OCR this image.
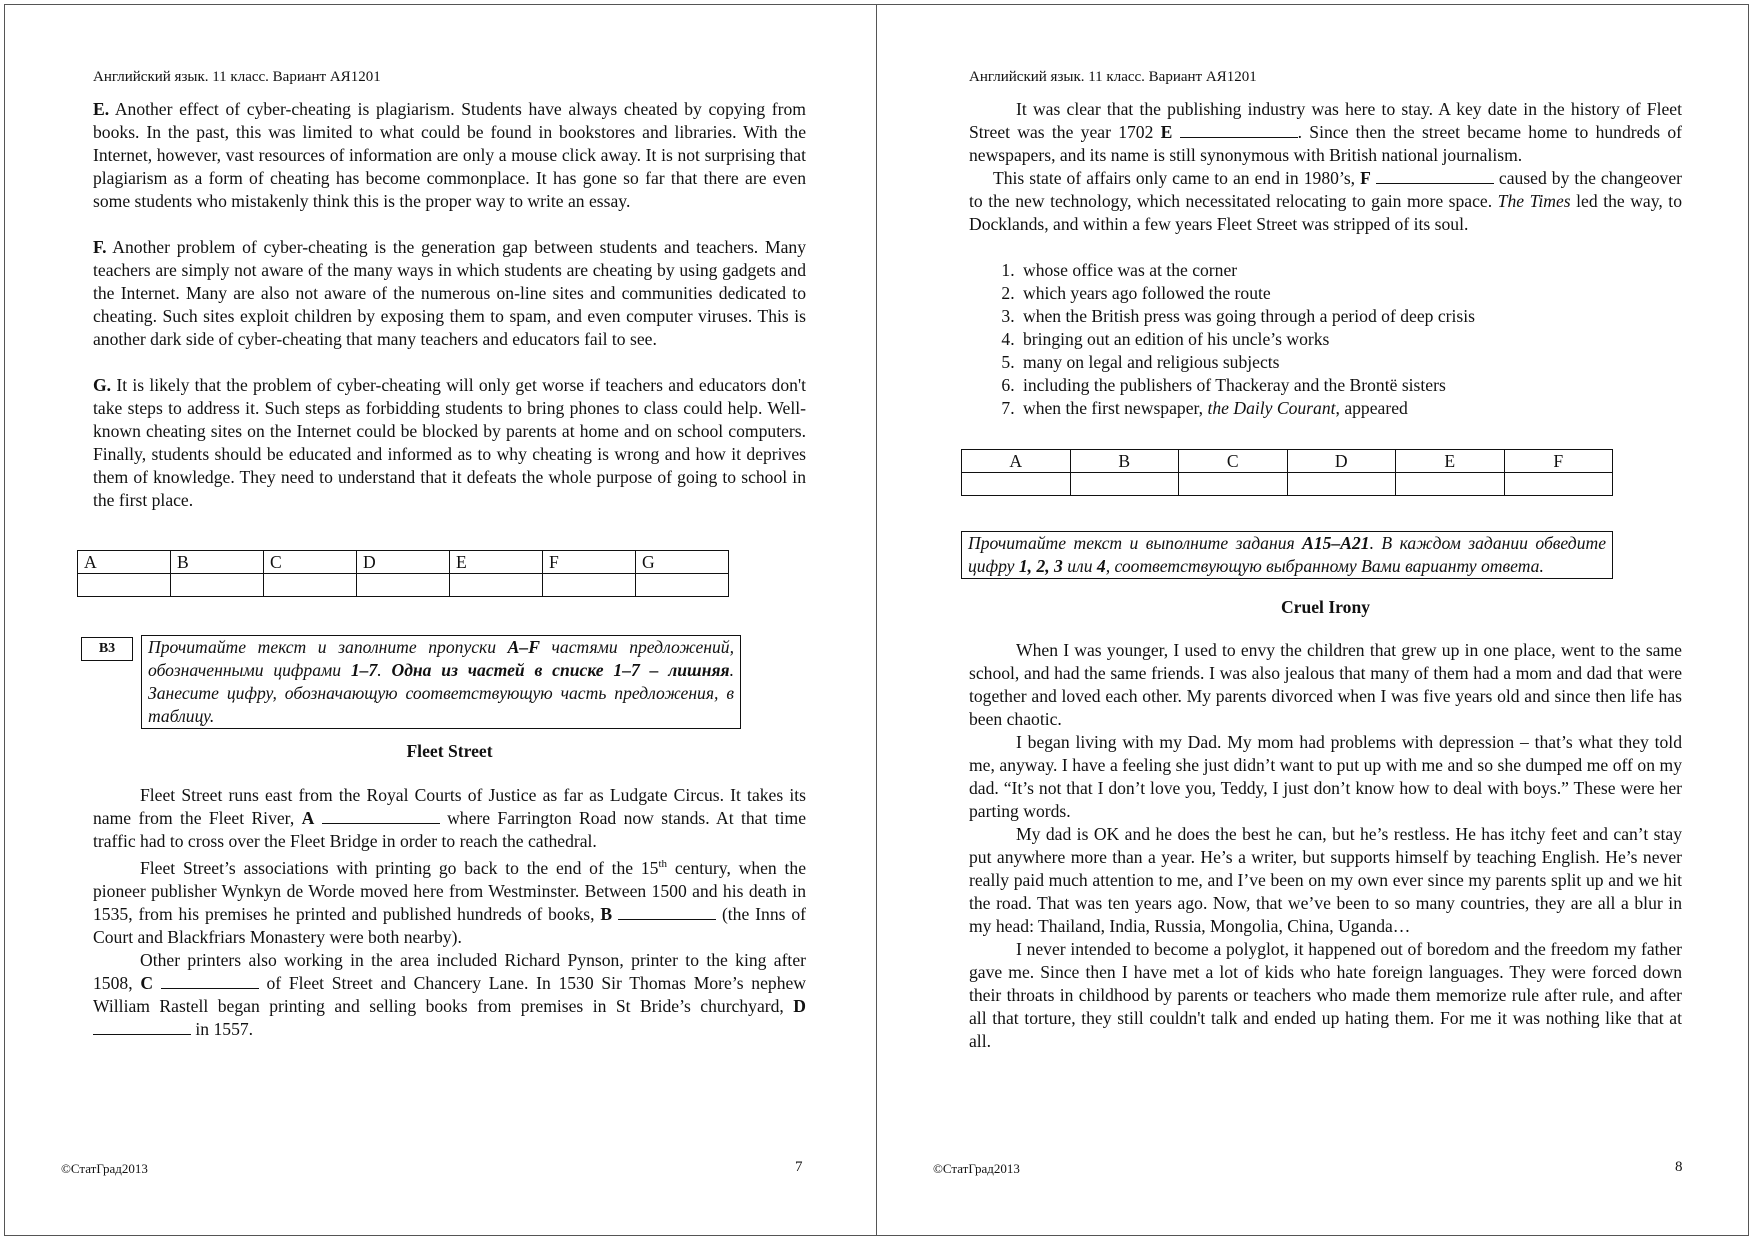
Английский язык. 11 класс. Вариант АЯ1201

E. Another effect of cyber-cheating is plagiarism. Students have always cheated by copying from books. In the past, this was limited to what could be found in bookstores and libraries. With the Internet, however, vast resources of information are only a mouse click away. It is not surprising that plagiarism as a form of cheating has become commonplace. It has gone so far that there are even some students who mistakenly think this is the proper way to write an essay.

F. Another problem of cyber-cheating is the generation gap between students and teachers. Many teachers are simply not aware of the many ways in which students are cheating by using gadgets and the Internet. Many are also not aware of the numerous on-line sites and communities dedicated to cheating. Such sites exploit children by exposing them to spam, and even computer viruses. This is another dark side of cyber-cheating that many teachers and educators fail to see.

G. It is likely that the problem of cyber-cheating will only get worse if teachers and educators don't take steps to address it. Such steps as forbidding students to bring phones to class could help. Well-known cheating sites on the Internet could be blocked by parents at home and on school computers. Finally, students should be educated and informed as to why cheating is wrong and how it deprives them of knowledge. They need to understand that it defeats the whole purpose of going to school in the first place.

A	B	C	D	E	F	G

B3	Прочитайте текст и заполните пропуски A–F частями предложений, обозначенными цифрами 1–7. Одна из частей в списке 1–7 – лишняя. Занесите цифру, обозначающую соответствующую часть предложения, в таблицу.
Fleet Street

Fleet Street runs east from the Royal Courts of Justice as far as Ludgate Circus. It takes its name from the Fleet River, A	where Farrington Road now stands. At that time traffic had to cross over the Fleet Bridge in order to reach the cathedral.

Fleet Street’s associations with printing go back to the end of the 15th century, when the pioneer publisher Wynkyn de Worde moved here from Westminster. Between 1500 and his death in 1535, from his premises he printed and published hundreds of books, B	(the Inns of Court and Blackfriars Monastery were both nearby).

Other printers also working in the area included Richard Pynson, printer to the king after 1508, C	of Fleet Street and Chancery Lane. In 1530 Sir Thomas More’s nephew William Rastell began printing and selling books from premises in St Bride’s churchyard, D  in 1557.

©СтатГрад2013	7
Английский язык. 11 класс. Вариант АЯ1201

It was clear that the publishing industry was here to stay. A key date in the history of Fleet Street was the year 1702 E	. Since then the street became home to hundreds of newspapers, and its name is still synonymous with British national journalism.

This state of affairs only came to an end in 1980’s, F	caused by the changeover to the new technology, which necessitated relocating to gain more space. The Times led the way, to Docklands, and within a few years Fleet Street was stripped of its soul.

1. whose office was at the corner
2. which years ago followed the route
3. when the British press was going through a period of deep crisis
4. bringing out an edition of his uncle’s works
5. many on legal and religious subjects
6. including the publishers of Thackeray and the Brontë sisters
7. when the first newspaper, the Daily Courant, appeared
A	B	C	D	E	F

Прочитайте текст и выполните задания A15–A21. В каждом задании обведите цифру 1, 2, 3 или 4, соответствующую выбранному Вами варианту ответа.
Cruel Irony

When I was younger, I used to envy the children that grew up in one place, went to the same school, and had the same friends. I was also jealous that many of them had a mom and dad that were together and loved each other. My parents divorced when I was five years old and since then life has been chaotic.

I began living with my Dad. My mom had problems with depression – that’s what they told me, anyway. I have a feeling she just didn’t want to put up with me and so she dumped me off on my dad. “It’s not that I don’t love you, Teddy, I just don’t know how to deal with boys.” These were her parting words.

My dad is OK and he does the best he can, but he’s restless. He has itchy feet and can’t stay put anywhere more than a year. He’s a writer, but supports himself by teaching English. He’s never really paid much attention to me, and I’ve been on my own ever since my parents split up and we hit the road. That was ten years ago. Now, that we’ve been to so many countries, they are all a blur in my head: Thailand, India, Russia, Mongolia, China, Uganda…

I never intended to become a polyglot, it happened out of boredom and the freedom my father gave me. Since then I have met a lot of kids who hate foreign languages. They were forced down their throats in childhood by parents or teachers who made them memorize rule after rule, and after all that torture, they still couldn't talk and ended up hating them. For me it was nothing like that at all.

©СтатГрад2013	8
